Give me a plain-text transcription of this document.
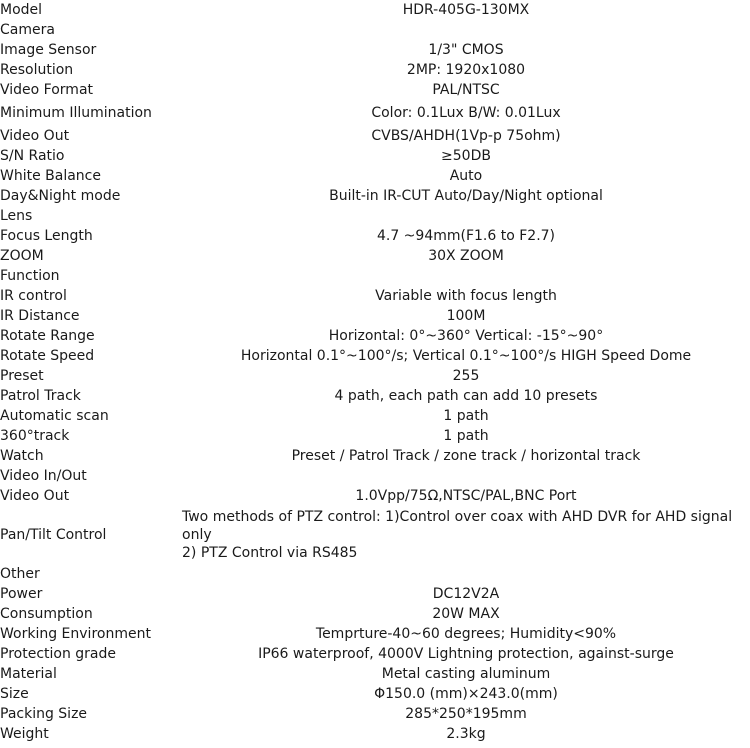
Model	HDR-405G-130MX
Camera	
Image Sensor	1/3" CMOS
Resolution	2MP: 1920x1080
Video Format	PAL/NTSC
Minimum Illumination	Color: 0.1Lux B/W: 0.01Lux
Video Out	CVBS/AHDH(1Vp-p 75ohm)
S/N Ratio	≥50DB
White Balance	Auto
Day&Night mode	Built-in IR-CUT Auto/Day/Night optional
Lens	
Focus Length	4.7 ~94mm(F1.6 to F2.7)
ZOOM	30X ZOOM
Function	
IR control	Variable with focus length
IR Distance	100M
Rotate Range	Horizontal: 0°~360° Vertical: -15°~90°
Rotate Speed	Horizontal 0.1°~100°/s; Vertical 0.1°~100°/s HIGH Speed Dome
Preset	255
Patrol Track	4 path, each path can add 10 presets
Automatic scan	1 path
360°track	1 path
Watch	Preset / Patrol Track / zone track / horizontal track
Video In/Out	
Video Out	1.0Vpp/75Ω,NTSC/PAL,BNC Port
Pan/Tilt Control	Two methods of PTZ control: 1)Control over coax with AHD DVR for AHD signal only
2) PTZ Control via RS485

Other	
Power	DC12V2A
Consumption	20W MAX
Working Environment	Temprture-40~60 degrees; Humidity<90%
Protection grade	IP66 waterproof, 4000V Lightning protection, against-surge
Material	Metal casting aluminum
Size	Φ150.0 (mm)×243.0(mm)
Packing Size	285*250*195mm
Weight	2.3kg
